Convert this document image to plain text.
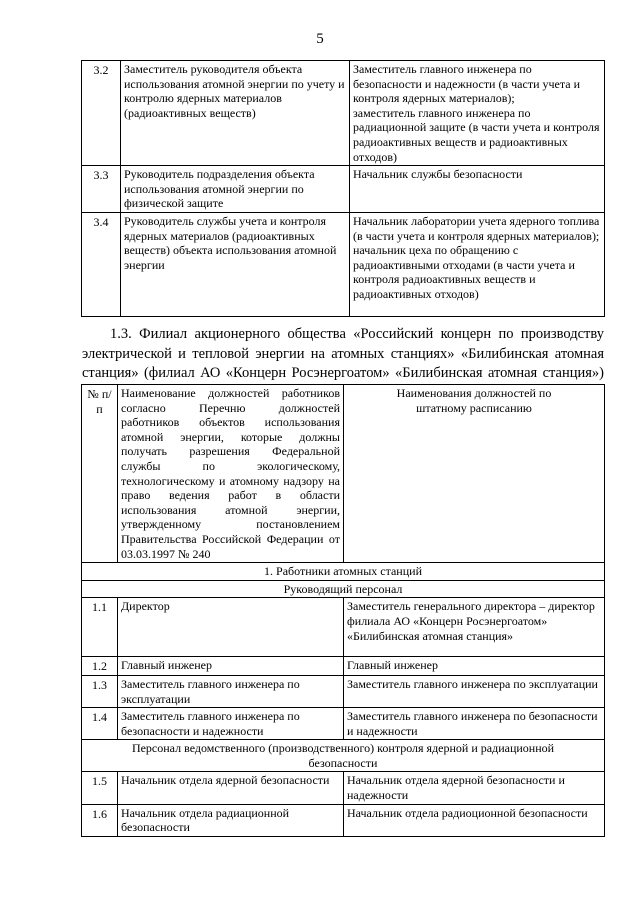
5
3.2	Заместитель руководителя объекта использования атомной энергии по учету и контролю ядерных материалов (радиоактивных веществ)	Заместитель главного инженера по безопасности и надежности (в части учета и контроля ядерных материалов);
заместитель главного инженера по радиационной защите (в части учета и контроля радиоактивных веществ и радиоактивных отходов)

3.3	Руководитель подразделения объекта использования атомной энергии по физической защите	Начальник службы безопасности

3.4	Руководитель службы учета и контроля ядерных материалов (радиоактивных веществ) объекта использования атомной энергии	Начальник лаборатории учета ядерного топлива (в части учета и контроля ядерных материалов);
начальник цеха по обращению с радиоактивными отходами (в части учета и контроля радиоактивных веществ и радиоактивных отходов)
1.3. Филиал акционерного общества «Российский концерн по производству
электрической и тепловой энергии на атомных станциях» «Билибинская атомная
станция» (филиал АО «Концерн Росэнергоатом» «Билибинская атомная станция»)
№ п/п	Наименование должностей работников согласно Перечню должностей работников объектов использования атомной энергии, которые должны получать разрешения Федеральной службы по экологическому, технологическому и атомному надзору на право ведения работ в области использования атомной энергии, утвержденному постановлением Правительства Российской Федерации от 03.03.1997 № 240	Наименования должностей по штатному расписанию
1. Работники атомных станций		
Руководящий персонал		
1.1	Директор	Заместитель генерального директора – директор филиала АО «Концерн Росэнергоатом» «Билибинская атомная станция»
1.2	Главный инженер	Главный инженер
1.3	Заместитель главного инженера по эксплуатации	Заместитель главного инженера по эксплуатации
1.4	Заместитель главного инженера по безопасности и надежности	Заместитель главного инженера по безопасности и надежности
Персонал ведомственного (производственного) контроля ядерной и радиационной безопасности		
1.5	Начальник отдела ядерной безопасности	Начальник отдела ядерной безопасности и надежности
1.6	Начальник отдела радиационной безопасности	Начальник отдела радиоционной безопасности
